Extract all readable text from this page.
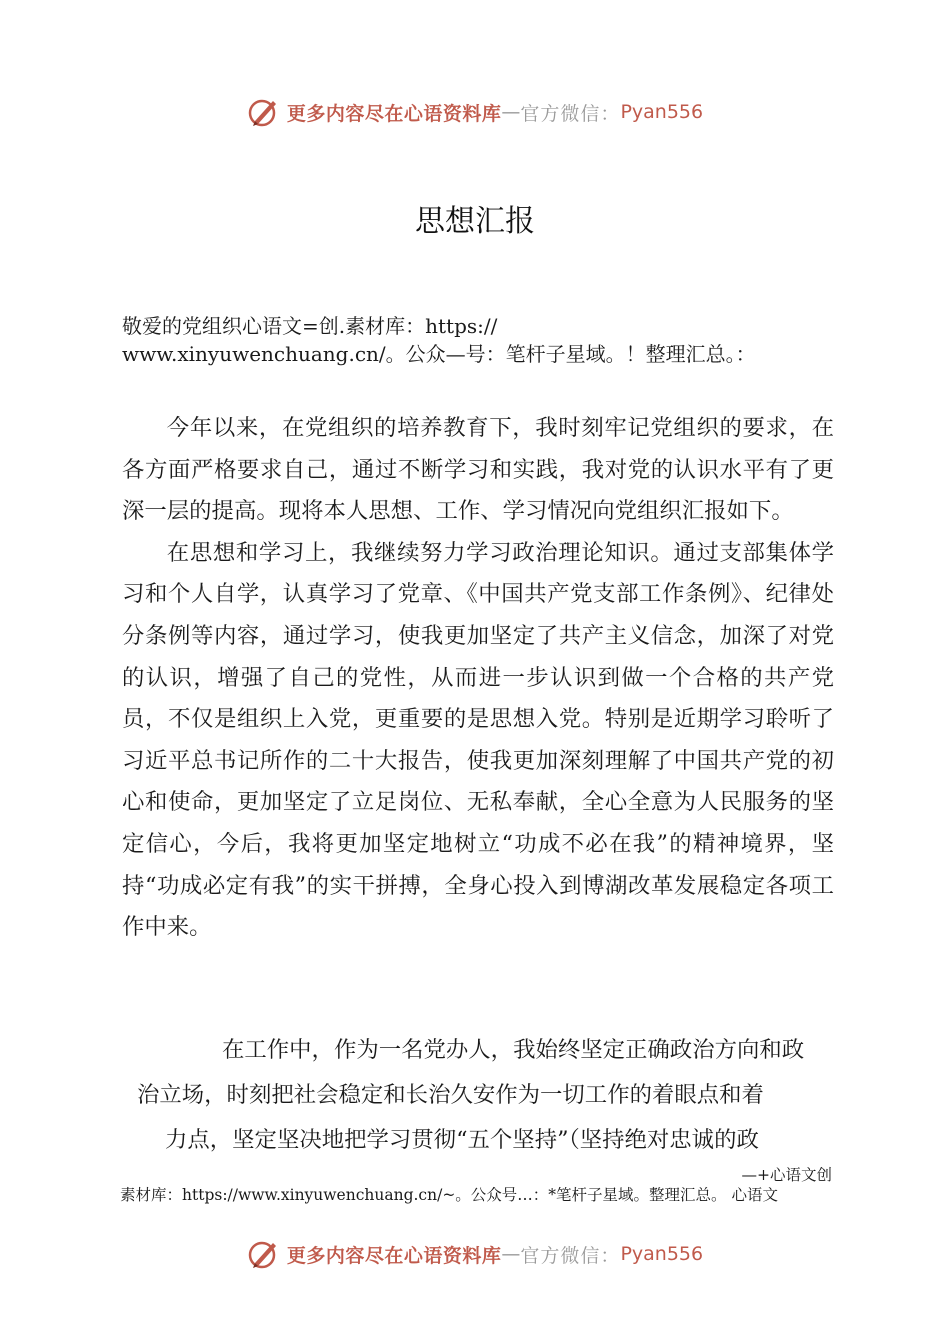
更多内容尽在心语资料库 — 官方微信： Pyan556
思想汇报
敬爱的党组织心语文=创.素材库：https://
www.xinyuwenchuang.cn/。公众—号：笔杆子星域。！整理汇总。：

今年以来，在党组织的培养教育下，我时刻牢记党组织的要求，在各方面严格要求自己，通过不断学习和实践，我对党的认识水平有了更深一层的提高。现将本人思想、工作、学习情况向党组织汇报如下。

在思想和学习上，我继续努力学习政治理论知识。通过支部集体学习和个人自学，认真学习了党章、《中国共产党支部工作条例》、纪律处分条例等内容，通过学习，使我更加坚定了共产主义信念，加深了对党的认识，增强了自己的党性，从而进一步认识到做一个合格的共产党员，不仅是组织上入党，更重要的是思想入党。特别是近期学习聆听了习近平总书记所作的二十大报告，使我更加深刻理解了中国共产党的初心和使命，更加坚定了立足岗位、无私奉献，全心全意为人民服务的坚定信心，今后，我将更加坚定地树立“功成不必在我”的精神境界，坚持“功成必定有我”的实干拼搏，全身心投入到博湖改革发展稳定各项工作中来。

在工作中，作为一名党办人，我始终坚定正确政治方向和政
治立场，时刻把社会稳定和长治久安作为一切工作的着眼点和着
力点，坚定坚决地把学习贯彻“五个坚持”（坚持绝对忠诚的政
—+心语文创
素材库：https://www.xinyuwenchuang.cn/~。公众号…：*笔杆子星域。整理汇总。 心语文
更多内容尽在心语资料库 — 官方微信： Pyan556
